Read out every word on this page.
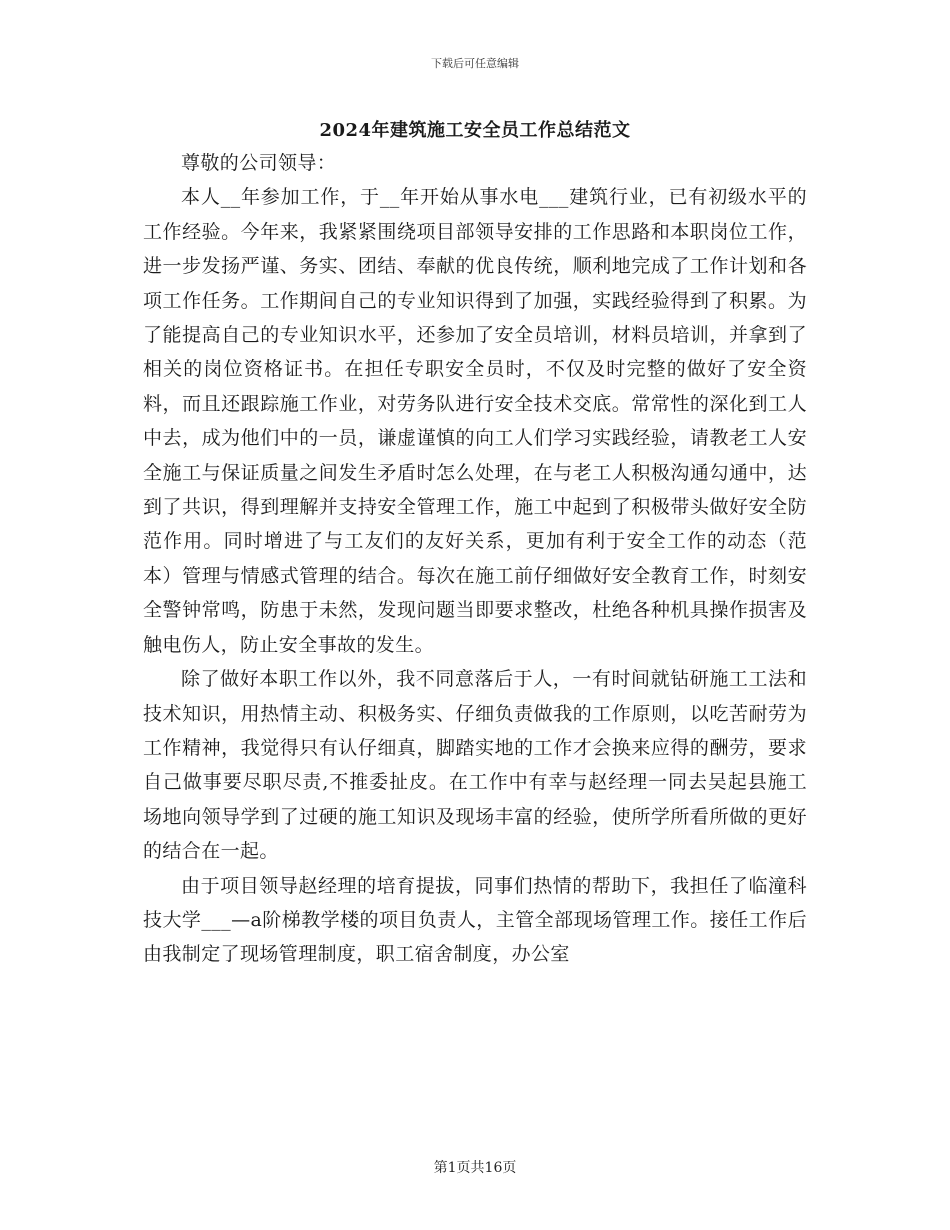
下载后可任意编辑
2024年建筑施工安全员工作总结范文

尊敬的公司领导：

本人__年参加工作，于__年开始从事水电___建筑行业，已有初级水平的工作经验。今年来，我紧紧围绕项目部领导安排的工作思路和本职岗位工作，进一步发扬严谨、务实、团结、奉献的优良传统，顺利地完成了工作计划和各项工作任务。工作期间自己的专业知识得到了加强，实践经验得到了积累。为了能提高自己的专业知识水平，还参加了安全员培训，材料员培训，并拿到了相关的岗位资格证书。在担任专职安全员时，不仅及时完整的做好了安全资料，而且还跟踪施工作业，对劳务队进行安全技术交底。常常性的深化到工人中去，成为他们中的一员，谦虚谨慎的向工人们学习实践经验，请教老工人安全施工与保证质量之间发生矛盾时怎么处理，在与老工人积极沟通勾通中，达到了共识，得到理解并支持安全管理工作，施工中起到了积极带头做好安全防范作用。同时增进了与工友们的友好关系，更加有利于安全工作的动态（范本）管理与情感式管理的结合。每次在施工前仔细做好安全教育工作，时刻安全警钟常鸣，防患于未然，发现问题当即要求整改，杜绝各种机具操作损害及触电伤人，防止安全事故的发生。

除了做好本职工作以外，我不同意落后于人，一有时间就钻研施工工法和技术知识，用热情主动、积极务实、仔细负责做我的工作原则，以吃苦耐劳为工作精神，我觉得只有认仔细真，脚踏实地的工作才会换来应得的酬劳，要求自己做事要尽职尽责,不推委扯皮。在工作中有幸与赵经理一同去吴起县施工场地向领导学到了过硬的施工知识及现场丰富的经验，使所学所看所做的更好的结合在一起。

由于项目领导赵经理的培育提拔，同事们热情的帮助下，我担任了临潼科技大学___—a阶梯教学楼的项目负责人，主管全部现场管理工作。接任工作后由我制定了现场管理制度，职工宿舍制度，办公室

第1页共16页
